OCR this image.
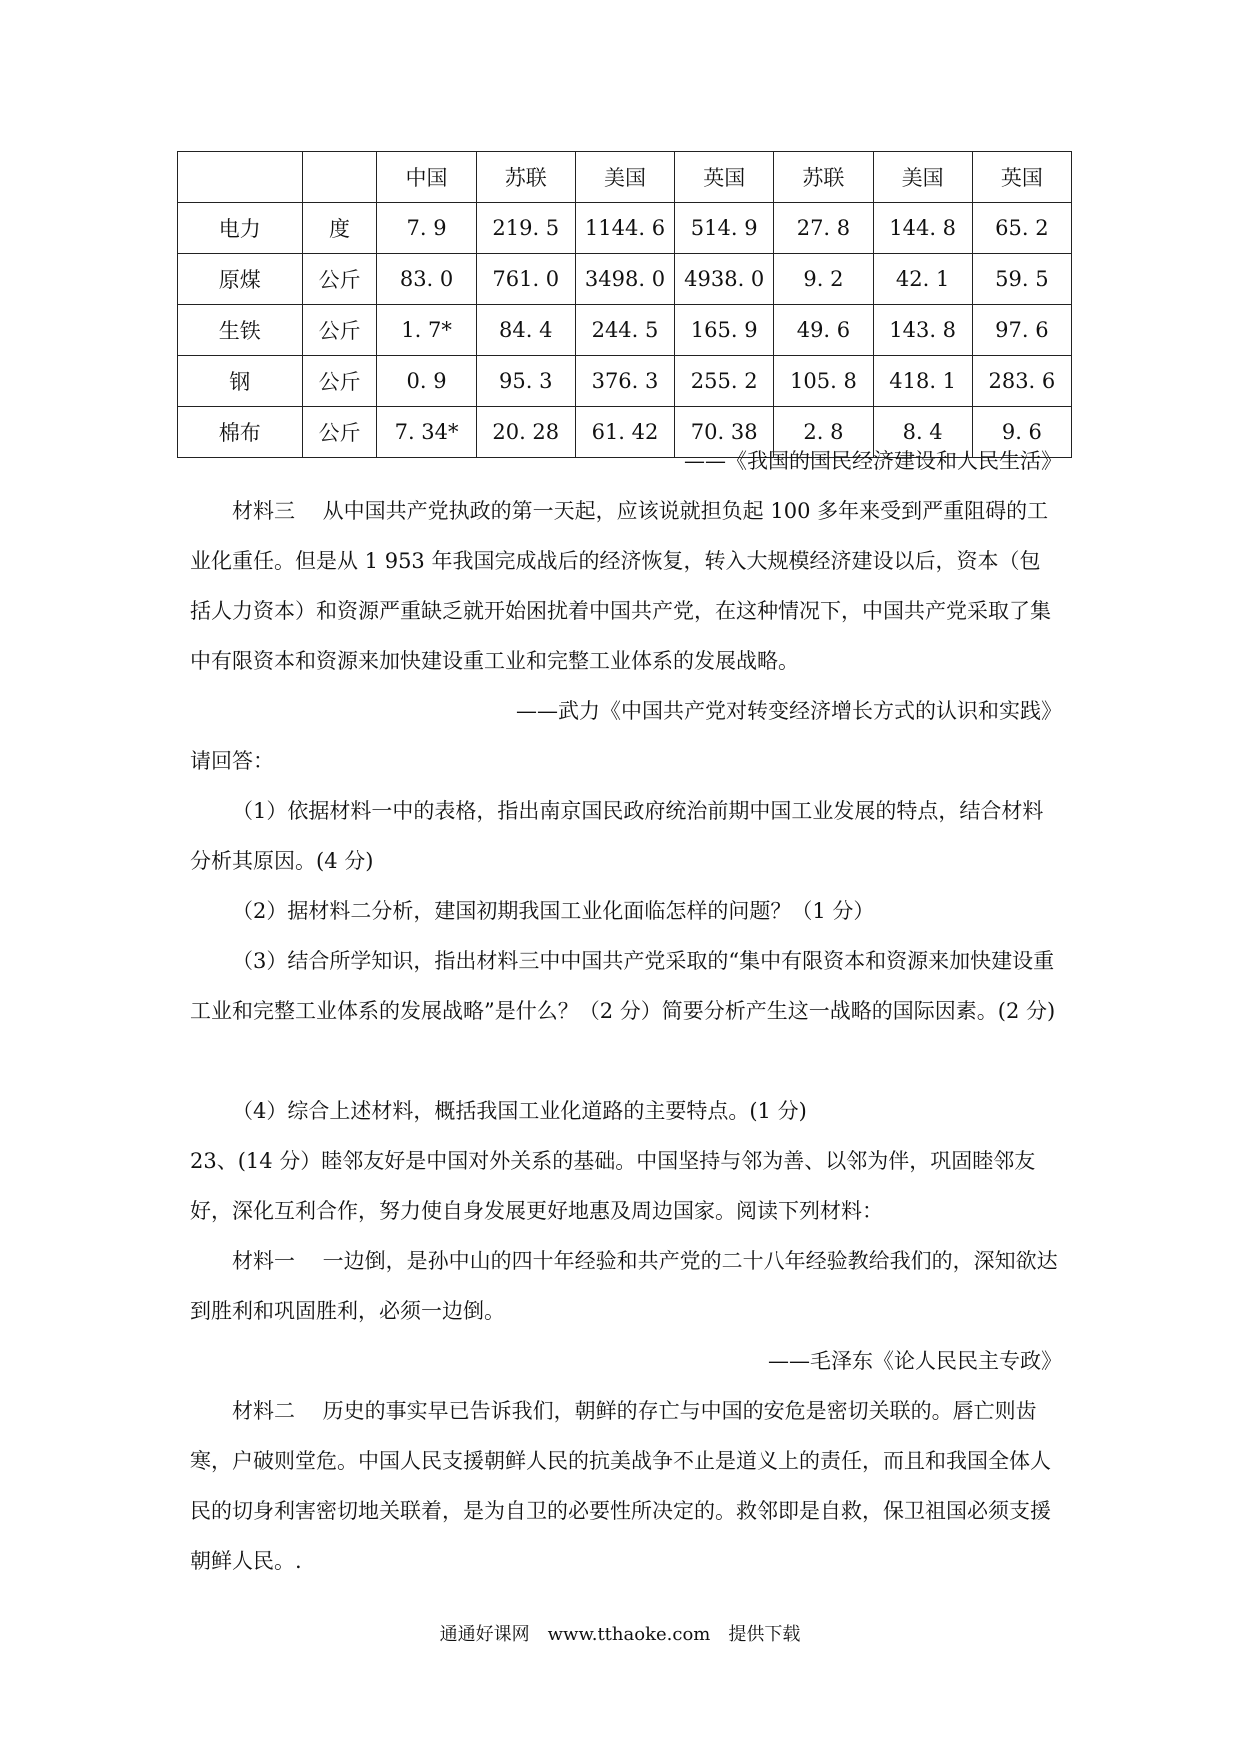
		中国	苏联	美国	英国	苏联	美国	英国
电力	度	7. 9	219. 5	1144. 6	514. 9	27. 8	144. 8	65. 2
原煤	公斤	83. 0	761. 0	3498. 0	4938. 0	9. 2	42. 1	59. 5
生铁	公斤	1. 7*	84. 4	244. 5	165. 9	49. 6	143. 8	97. 6
钢	公斤	0. 9	95. 3	376. 3	255. 2	105. 8	418. 1	283. 6
棉布	公斤	7. 34*	20. 28	61. 42	70. 38	2. 8	8. 4	9. 6

——《我国的国民经济建设和人民生活》

材料三　 从中国共产党执政的第一天起，应该说就担负起 100 多年来受到严重阻碍的工业化重任。但是从 1 953 年我国完成战后的经济恢复，转入大规模经济建设以后，资本（包括人力资本）和资源严重缺乏就开始困扰着中国共产党，在这种情况下，中国共产党采取了集中有限资本和资源来加快建设重工业和完整工业体系的发展战略。

——武力《中国共产党对转变经济增长方式的认识和实践》

请回答：

（1）依据材料一中的表格，指出南京国民政府统治前期中国工业发展的特点，结合材料分析其原因。(4 分)

（2）据材料二分析，建国初期我国工业化面临怎样的问题？（1 分）

（3）结合所学知识，指出材料三中中国共产党采取的“集中有限资本和资源来加快建设重工业和完整工业体系的发展战略”是什么？（2 分）简要分析产生这一战略的国际因素。(2 分)

（4）综合上述材料，概括我国工业化道路的主要特点。(1 分)

23、(14 分）睦邻友好是中国对外关系的基础。中国坚持与邻为善、以邻为伴，巩固睦邻友好，深化互利合作，努力使自身发展更好地惠及周边国家。阅读下列材料：

材料一　 一边倒，是孙中山的四十年经验和共产党的二十八年经验教给我们的，深知欲达到胜利和巩固胜利，必须一边倒。

——毛泽东《论人民民主专政》

材料二　 历史的事实早已告诉我们，朝鲜的存亡与中国的安危是密切关联的。唇亡则齿寒，户破则堂危。中国人民支援朝鲜人民的抗美战争不止是道义上的责任，而且和我国全体人民的切身利害密切地关联着，是为自卫的必要性所决定的。救邻即是自救，保卫祖国必须支援朝鲜人民。.

通通好课网　www.tthaoke.com　提供下载
